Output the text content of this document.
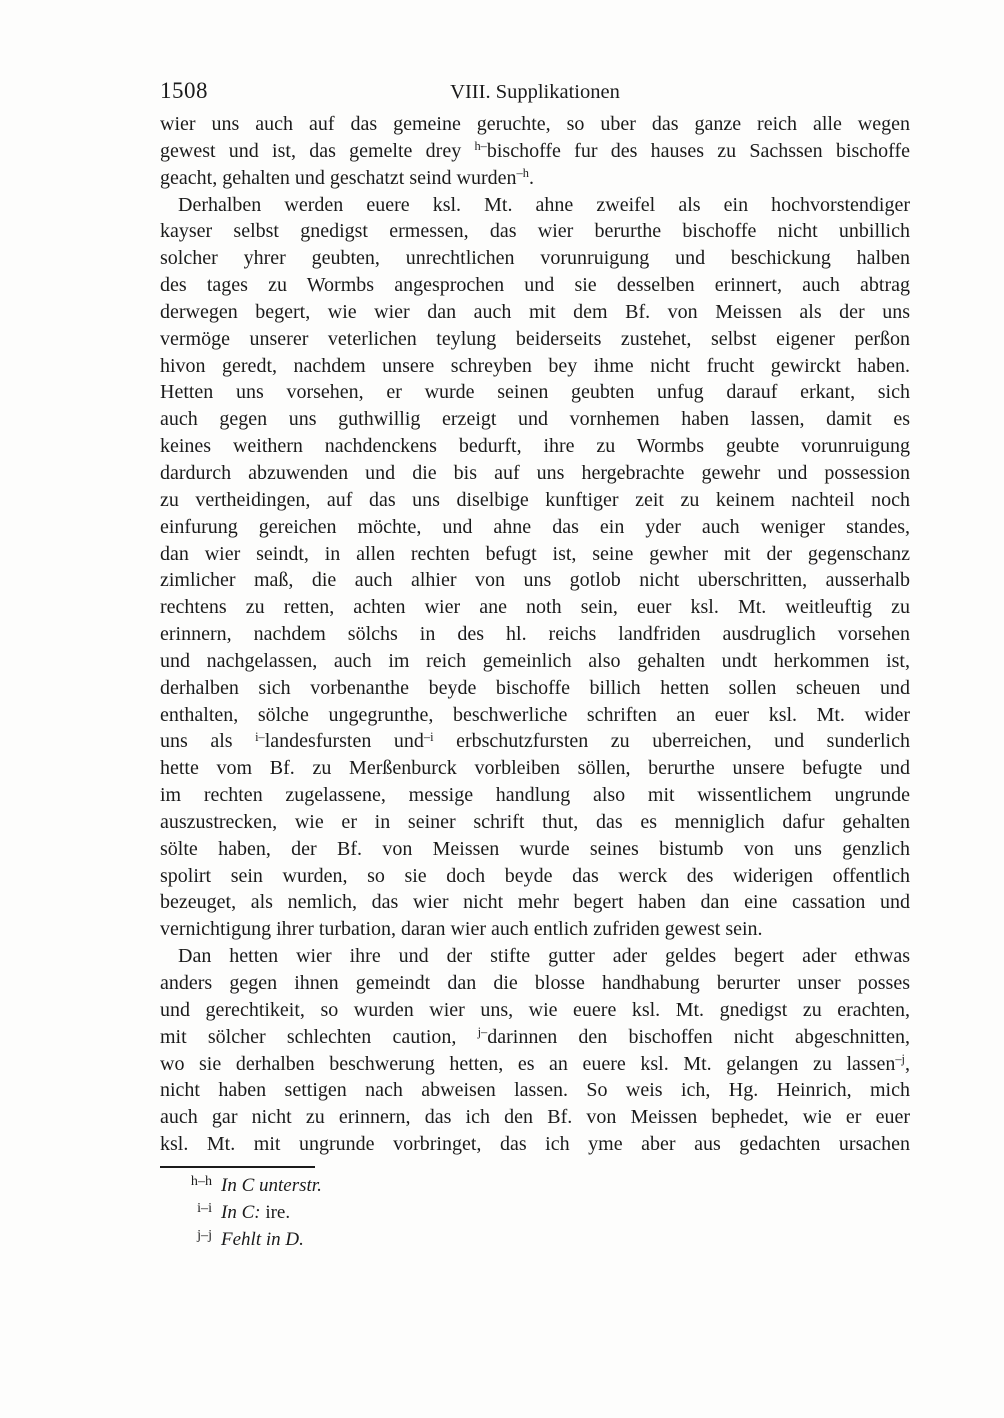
1508	VIII. Supplikationen
wier uns auch auf das gemeine geruchte, so uber das ganze reich alle wegen
gewest und ist, das gemelte drey $^{h-}$bischoffe fur des hauses zu Sachssen bischoffe
geacht, gehalten und geschatzt seind wurden$^{-h}$.
Derhalben werden euere ksl. Mt. ahne zweifel als ein hochvorstendiger
kayser selbst gnedigst ermessen, das wier berurthe bischoffe nicht unbillich
solcher yhrer geubten, unrechtlichen vorunruigung und beschickung halben
des tages zu Wormbs angesprochen und sie desselben erinnert, auch abtrag
derwegen begert, wie wier dan auch mit dem Bf. von Meissen als der uns
vermöge unserer veterlichen teylung beiderseits zustehet, selbst eigener perßon
hivon geredt, nachdem unsere schreyben bey ihme nicht frucht gewirckt haben.
Hetten uns vorsehen, er wurde seinen geubten unfug darauf erkant, sich
auch gegen uns guthwillig erzeigt und vornhemen haben lassen, damit es
keines weithern nachdenckens bedurft, ihre zu Wormbs geubte vorunruigung
dardurch abzuwenden und die bis auf uns hergebrachte gewehr und possession
zu vertheidingen, auf das uns diselbige kunftiger zeit zu keinem nachteil noch
einfurung gereichen möchte, und ahne das ein yder auch weniger standes,
dan wier seindt, in allen rechten befugt ist, seine gewher mit der gegenschanz
zimlicher maß, die auch alhier von uns gotlob nicht uberschritten, ausserhalb
rechtens zu retten, achten wier ane noth sein, euer ksl. Mt. weitleuftig zu
erinnern, nachdem sölchs in des hl. reichs landfriden ausdruglich vorsehen
und nachgelassen, auch im reich gemeinlich also gehalten undt herkommen ist,
derhalben sich vorbenanthe beyde bischoffe billich hetten sollen scheuen und
enthalten, sölche ungegrunthe, beschwerliche schriften an euer ksl. Mt. wider
uns als $^{i-}$landesfursten und$^{-i}$ erbschutzfursten zu uberreichen, und sunderlich
hette vom Bf. zu Merßenburck vorbleiben söllen, berurthe unsere befugte und
im rechten zugelassene, messige handlung also mit wissentlichem ungrunde
auszustrecken, wie er in seiner schrift thut, das es menniglich dafur gehalten
sölte haben, der Bf. von Meissen wurde seines bistumb von uns genzlich
spolirt sein wurden, so sie doch beyde das werck des widerigen offentlich
bezeuget, als nemlich, das wier nicht mehr begert haben dan eine cassation und
vernichtigung ihrer turbation, daran wier auch entlich zufriden gewest sein.
Dan hetten wier ihre und der stifte gutter ader geldes begert ader ethwas
anders gegen ihnen gemeindt dan die blosse handhabung berurter unser posses
und gerechtikeit, so wurden wier uns, wie euere ksl. Mt. gnedigst zu erachten,
mit sölcher schlechten caution, $^{j-}$darinnen den bischoffen nicht abgeschnitten,
wo sie derhalben beschwerung hetten, es an euere ksl. Mt. gelangen zu lassen$^{-j}$,
nicht haben settigen nach abweisen lassen. So weis ich, Hg. Heinrich, mich
auch gar nicht zu erinnern, das ich den Bf. von Meissen bephedet, wie er euer
ksl. Mt. mit ungrunde vorbringet, das ich yme aber aus gedachten ursachen
h–h In C unterstr.
i–i In C: ire.
j–j Fehlt in D.
